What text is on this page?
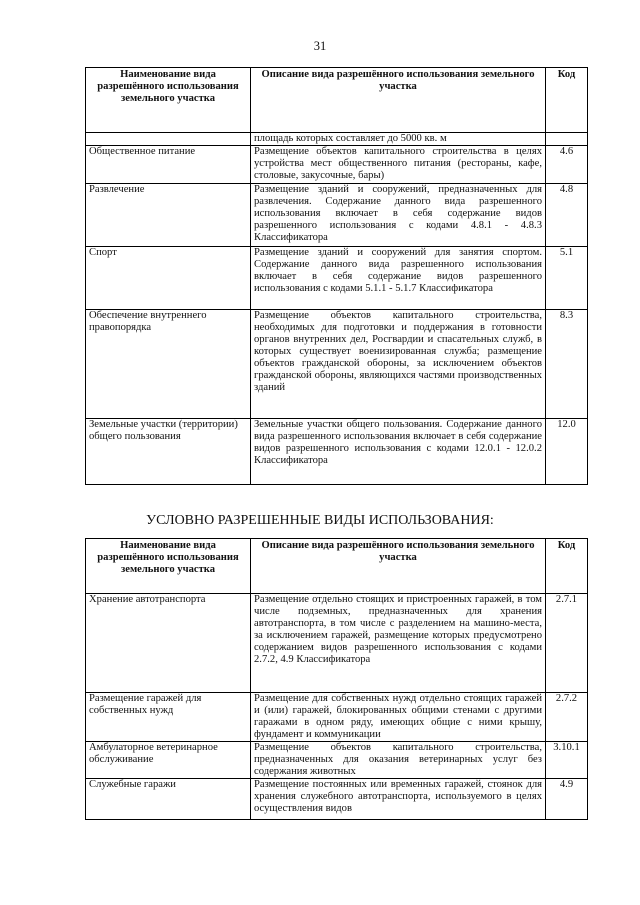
31
Наименование вида разрешённого использования земельного участка	Описание вида разрешённого использования земельного участка	Код
	площадь которых составляет до 5000 кв. м	
Общественное питание	Размещение объектов капитального строительства в целях устройства мест общественного питания (рестораны, кафе, столовые, закусочные, бары)	4.6
Развлечение	Размещение зданий и сооружений, предназначенных для развлечения. Содержание данного вида разрешенного использования включает в себя содержание видов разрешенного использования с кодами 4.8.1 - 4.8.3 Классификатора	4.8
Спорт	Размещение зданий и сооружений для занятия спортом. Содержание данного вида разрешенного использования включает в себя содержание видов разрешенного использования с кодами 5.1.1 - 5.1.7 Классификатора	5.1
Обеспечение внутреннего правопорядка	Размещение объектов капитального строительства, необходимых для подготовки и поддержания в готовности органов внутренних дел, Росгвардии и спасательных служб, в которых существует военизированная служба; размещение объектов гражданской обороны, за исключением объектов гражданской обороны, являющихся частями производственных зданий	8.3
Земельные участки (территории) общего пользования	Земельные участки общего пользования. Содержание данного вида разрешенного использования включает в себя содержание видов разрешенного использования с кодами 12.0.1 - 12.0.2 Классификатора	12.0
УСЛОВНО РАЗРЕШЕННЫЕ ВИДЫ ИСПОЛЬЗОВАНИЯ:
Наименование вида разрешённого использования земельного участка	Описание вида разрешённого использования земельного участка	Код
Хранение автотранспорта	Размещение отдельно стоящих и пристроенных гаражей, в том числе подземных, предназначенных для хранения автотранспорта, в том числе с разделением на машино-места, за исключением гаражей, размещение которых предусмотрено содержанием видов разрешенного использования с кодами 2.7.2, 4.9 Классификатора	2.7.1
Размещение гаражей для собственных нужд	Размещение для собственных нужд отдельно стоящих гаражей и (или) гаражей, блокированных общими стенами с другими гаражами в одном ряду, имеющих общие с ними крышу, фундамент и коммуникации	2.7.2
Амбулаторное ветеринарное обслуживание	Размещение объектов капитального строительства, предназначенных для оказания ветеринарных услуг без содержания животных	3.10.1
Служебные гаражи	Размещение постоянных или временных гаражей, стоянок для хранения служебного автотранспорта, используемого в целях осуществления видов	4.9
